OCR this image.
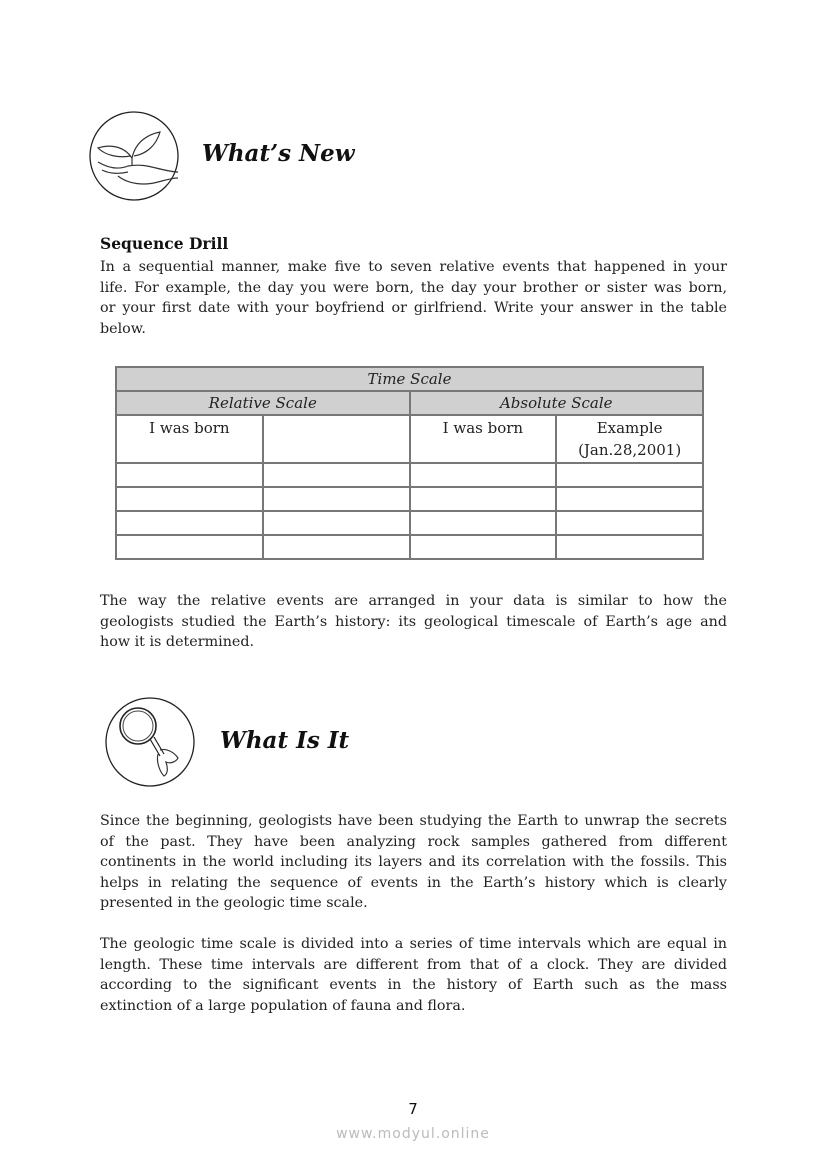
What’s New
Sequence Drill
In a sequential manner, make five to seven relative events that happened in your
life. For example, the day you were born, the day your brother or sister was born,
or your first date with your boyfriend or girlfriend. Write your answer in the table
below.
Time Scale			
Relative Scale		Absolute Scale	
I was born		I was born	Example
(Jan.28,2001)

The way the relative events are arranged in your data is similar to how the
geologists studied the Earth’s history: its geological timescale of Earth’s age and
how it is determined.
What Is It
Since the beginning, geologists have been studying the Earth to unwrap the secrets
of the past. They have been analyzing rock samples gathered from different
continents in the world including its layers and its correlation with the fossils. This
helps in relating the sequence of events in the Earth’s history which is clearly
presented in the geologic time scale.
The geologic time scale is divided into a series of time intervals which are equal in
length. These time intervals are different from that of a clock. They are divided
according to the significant events in the history of Earth such as the mass
extinction of a large population of fauna and flora.
7
www.modyul.online
